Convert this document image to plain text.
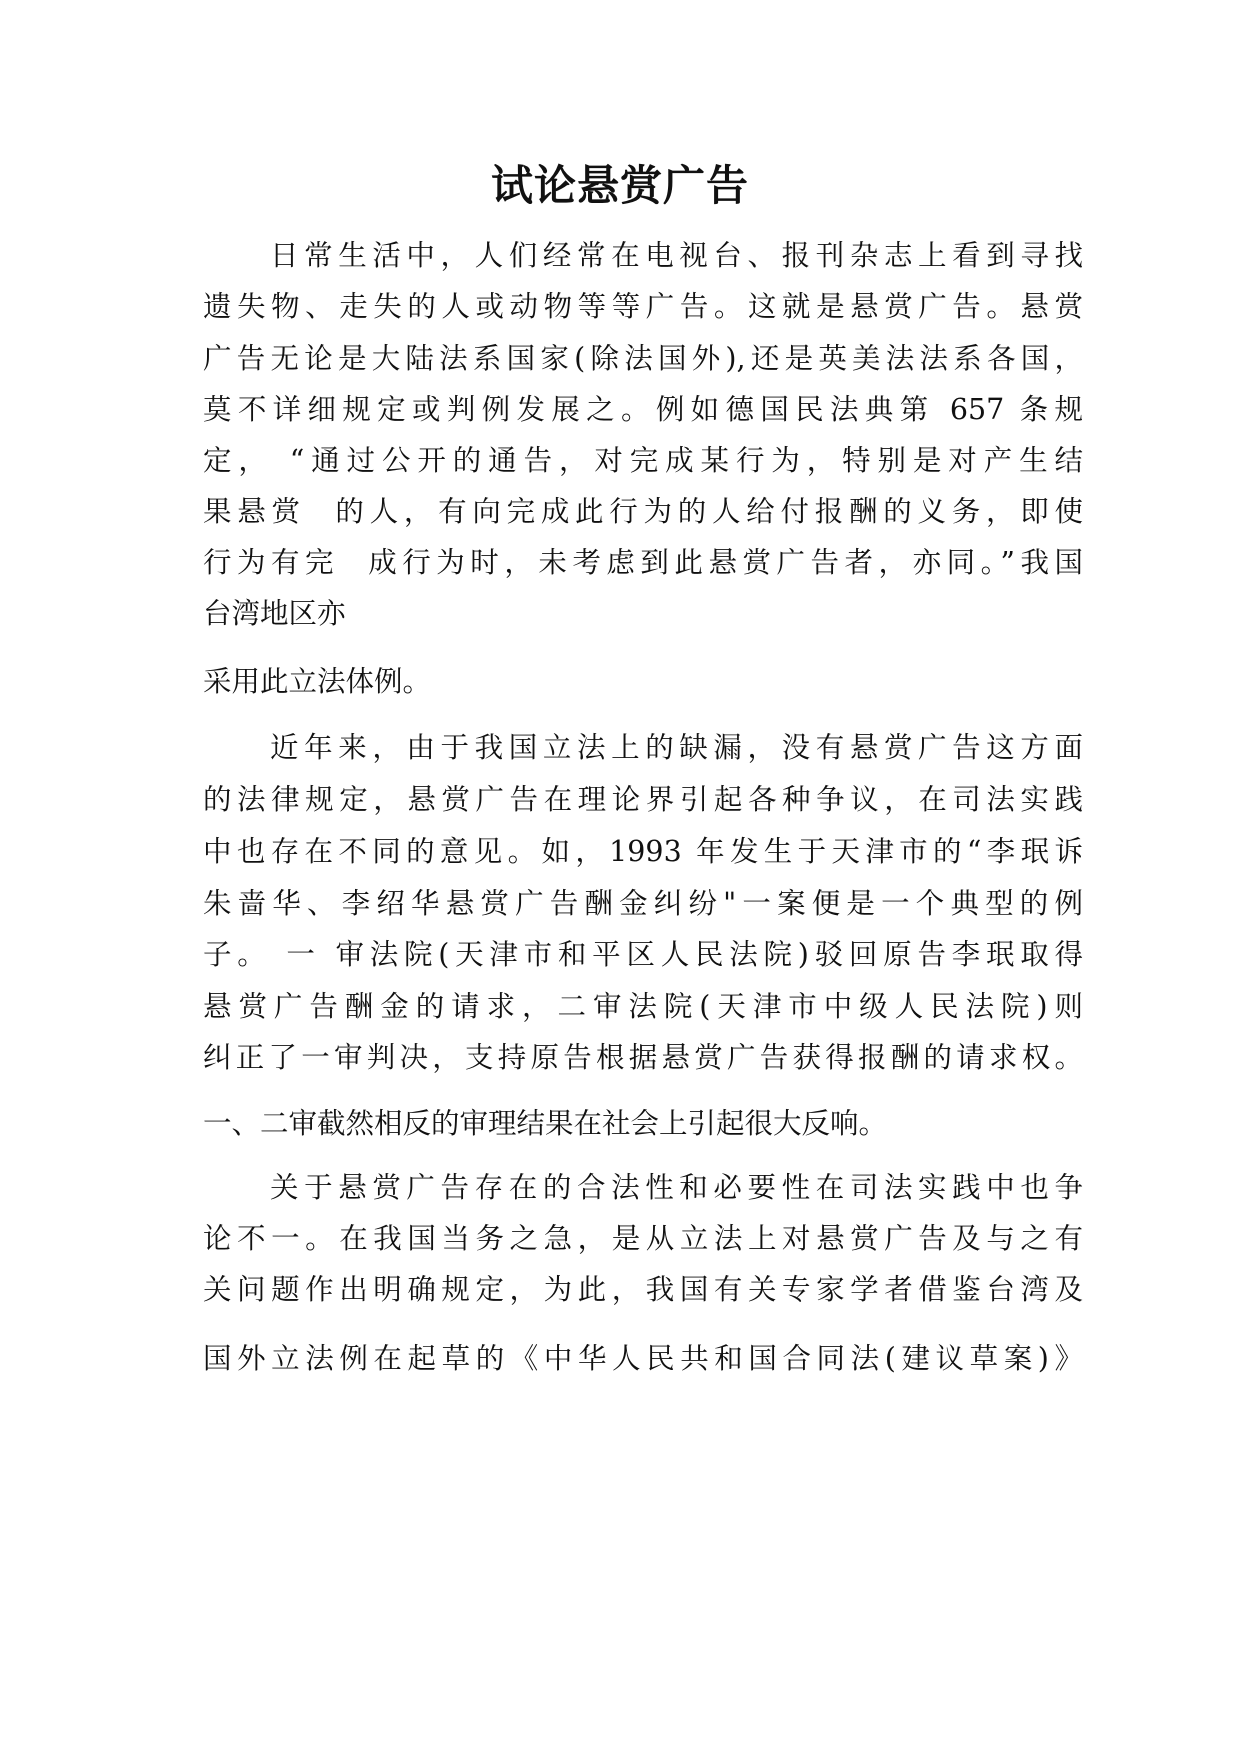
试论悬赏广告

日常生活中，人们经常在电视台、报刊杂志上看到寻找

遗失物、走失的人或动物等等广告。这就是悬赏广告。悬赏

广告无论是大陆法系国家(除法国外),还是英美法法系各国，

莫不详细规定或判例发展之。例如德国民法典第 657 条规

定， “通过公开的通告，对完成某行为，特别是对产生结

果悬赏  的人，有向完成此行为的人给付报酬的义务，即使

行为有完  成行为时，未考虑到此悬赏广告者，亦同。”我国

台湾地区亦

采用此立法体例。

近年来，由于我国立法上的缺漏，没有悬赏广告这方面

的法律规定，悬赏广告在理论界引起各种争议，在司法实践

中也存在不同的意见。如，1993 年发生于天津市的“李珉诉

朱啬华、李绍华悬赏广告酬金纠纷"一案便是一个典型的例

子。 一 审法院(天津市和平区人民法院)驳回原告李珉取得

悬赏广告酬金的请求，二审法院(天津市中级人民法院)则

纠正了一审判决，支持原告根据悬赏广告获得报酬的请求权。

一、二审截然相反的审理结果在社会上引起很大反响。

关于悬赏广告存在的合法性和必要性在司法实践中也争

论不一。在我国当务之急，是从立法上对悬赏广告及与之有

关问题作出明确规定，为此，我国有关专家学者借鉴台湾及

国外立法例在起草的《中华人民共和国合同法(建议草案)》
